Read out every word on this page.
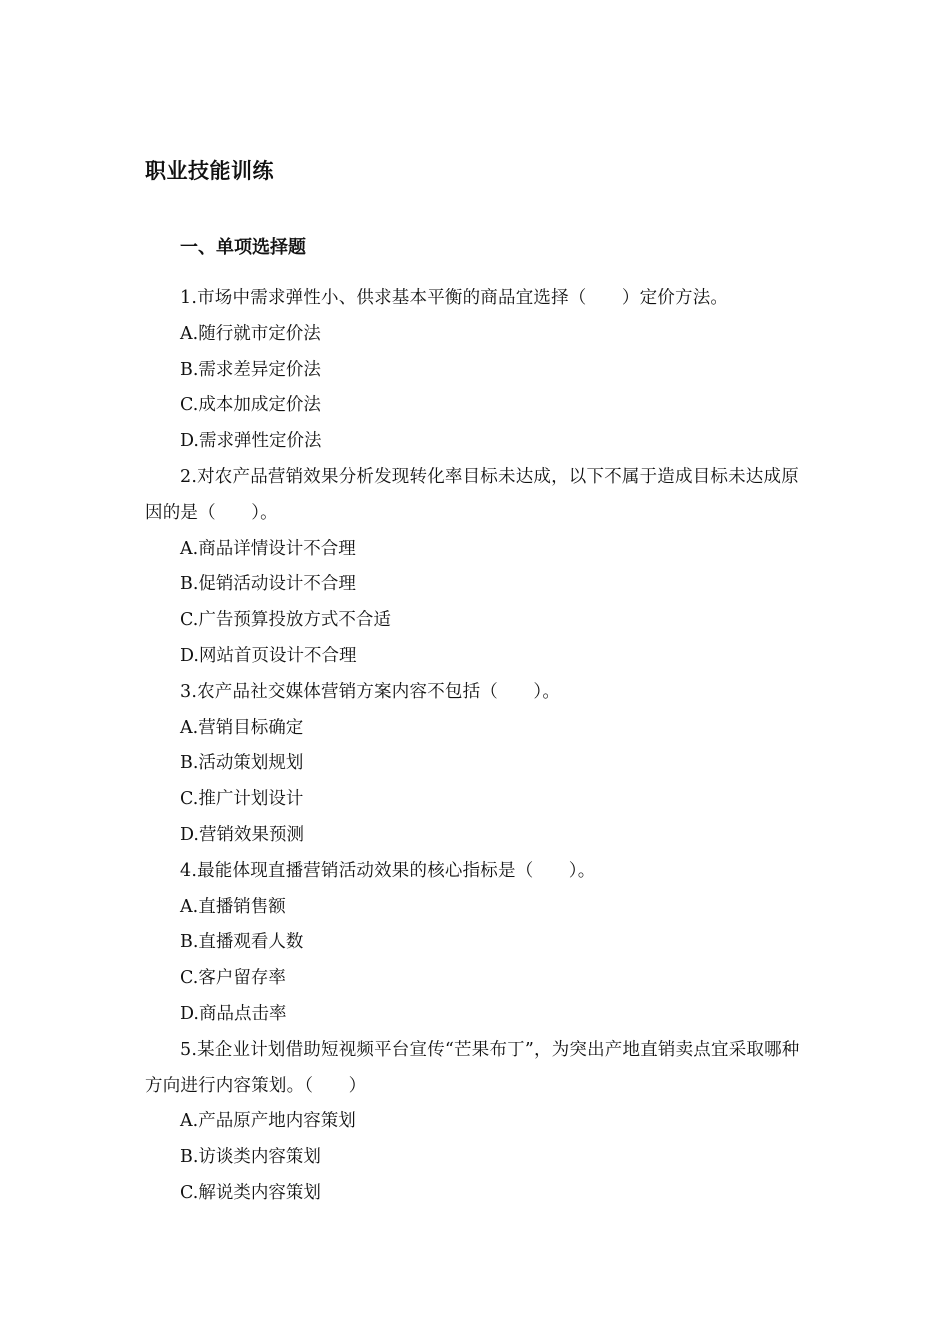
职业技能训练
一、单项选择题

1.市场中需求弹性小、供求基本平衡的商品宜选择（　　）定价方法。

A.随行就市定价法

B.需求差异定价法

C.成本加成定价法

D.需求弹性定价法

2.对农产品营销效果分析发现转化率目标未达成，以下不属于造成目标未达成原因的是（　　）。

A.商品详情设计不合理

B.促销活动设计不合理

C.广告预算投放方式不合适

D.网站首页设计不合理

3.农产品社交媒体营销方案内容不包括（　　）。

A.营销目标确定

B.活动策划规划

C.推广计划设计

D.营销效果预测

4.最能体现直播营销活动效果的核心指标是（　　）。

A.直播销售额

B.直播观看人数

C.客户留存率

D.商品点击率

5.某企业计划借助短视频平台宣传“芒果布丁”，为突出产地直销卖点宜采取哪种方向进行内容策划。（　　）

A.产品原产地内容策划

B.访谈类内容策划

C.解说类内容策划
